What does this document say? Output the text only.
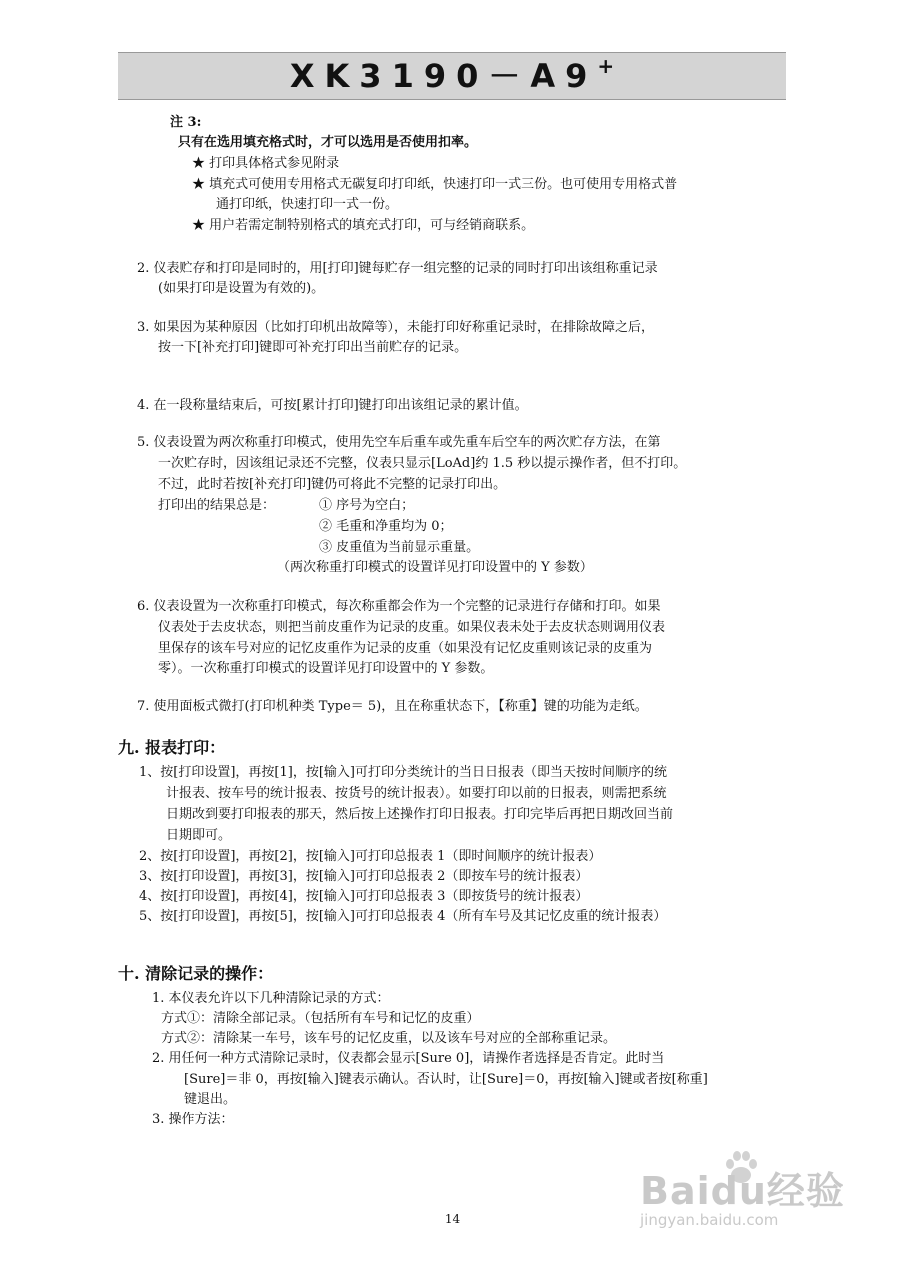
XK3190－A9+
注 3:
只有在选用填充格式时，才可以选用是否使用扣率。
★ 打印具体格式参见附录
★ 填充式可使用专用格式无碳复印打印纸，快速打印一式三份。也可使用专用格式普
通打印纸，快速打印一式一份。
★ 用户若需定制特别格式的填充式打印，可与经销商联系。
2. 仪表贮存和打印是同时的，用[打印]键每贮存一组完整的记录的同时打印出该组称重记录
(如果打印是设置为有效的)。
3. 如果因为某种原因（比如打印机出故障等），未能打印好称重记录时，在排除故障之后，
按一下[补充打印]键即可补充打印出当前贮存的记录。
4. 在一段称量结束后，可按[累计打印]键打印出该组记录的累计值。
5. 仪表设置为两次称重打印模式，使用先空车后重车或先重车后空车的两次贮存方法，在第
一次贮存时，因该组记录还不完整，仪表只显示[LoAd]约 1.5 秒以提示操作者，但不打印。
不过，此时若按[补充打印]键仍可将此不完整的记录打印出。
打印出的结果总是：	① 序号为空白；
② 毛重和净重均为 0；
③ 皮重值为当前显示重量。
（两次称重打印模式的设置详见打印设置中的 Y 参数）
6. 仪表设置为一次称重打印模式，每次称重都会作为一个完整的记录进行存储和打印。如果
仪表处于去皮状态，则把当前皮重作为记录的皮重。如果仪表未处于去皮状态则调用仪表
里保存的该车号对应的记忆皮重作为记录的皮重（如果没有记忆皮重则该记录的皮重为
零）。一次称重打印模式的设置详见打印设置中的 Y 参数。
7. 使用面板式微打(打印机种类 Type＝ 5)，且在称重状态下，【称重】键的功能为走纸。
九. 报表打印：
1、按[打印设置]，再按[1]，按[输入]可打印分类统计的当日日报表（即当天按时间顺序的统
计报表、按车号的统计报表、按货号的统计报表）。如要打印以前的日报表，则需把系统
日期改到要打印报表的那天，然后按上述操作打印日报表。打印完毕后再把日期改回当前
日期即可。
2、按[打印设置]，再按[2]，按[输入]可打印总报表 1（即时间顺序的统计报表）
3、按[打印设置]，再按[3]，按[输入]可打印总报表 2（即按车号的统计报表）
4、按[打印设置]，再按[4]，按[输入]可打印总报表 3（即按货号的统计报表）
5、按[打印设置]，再按[5]，按[输入]可打印总报表 4（所有车号及其记忆皮重的统计报表）
十. 清除记录的操作：
1. 本仪表允许以下几种清除记录的方式：
方式①：清除全部记录。（包括所有车号和记忆的皮重）
方式②：清除某一车号，该车号的记忆皮重，以及该车号对应的全部称重记录。
2. 用任何一种方式清除记录时，仪表都会显示[Sure 0]，请操作者选择是否肯定。此时当
[Sure]＝非 0，再按[输入]键表示确认。否认时，让[Sure]＝0，再按[输入]键或者按[称重]
键退出。
3. 操作方法：
14
Baidu经验
jingyan.baidu.com
